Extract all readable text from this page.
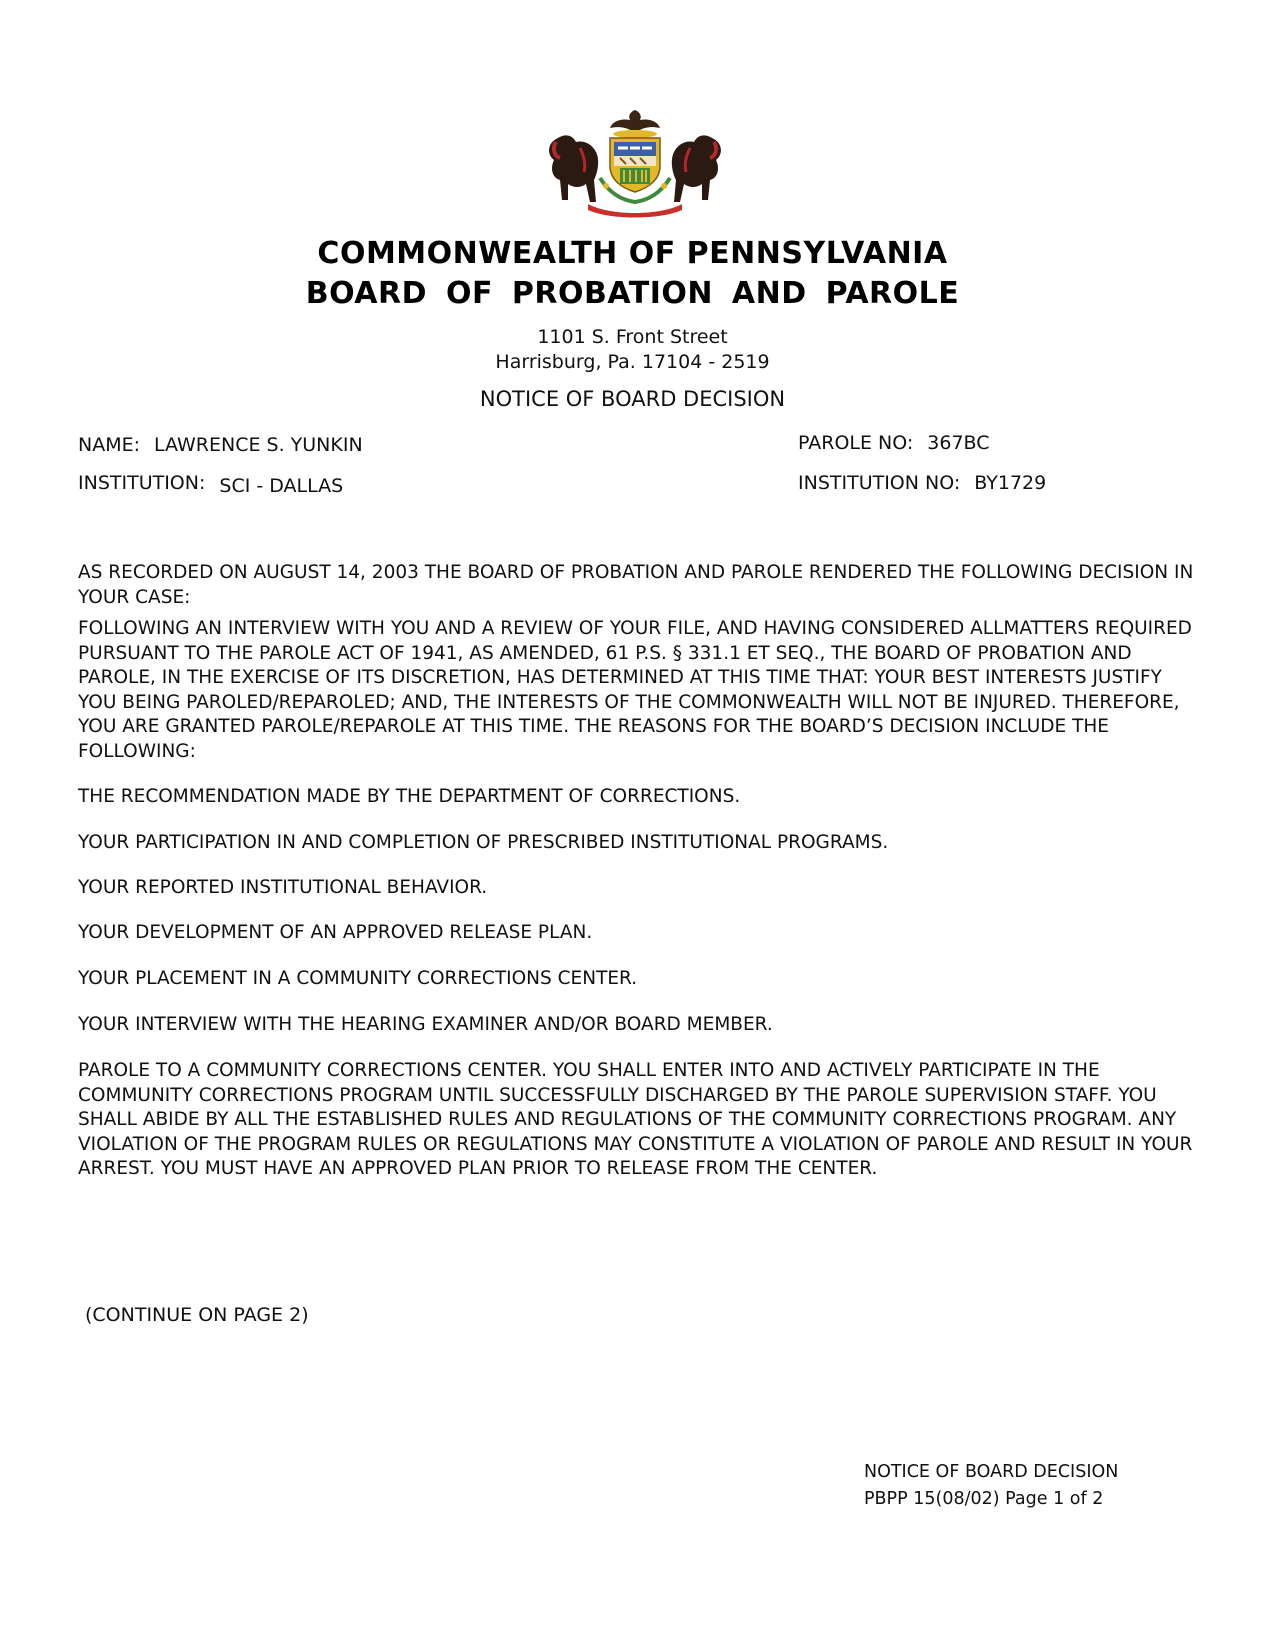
COMMONWEALTH OF PENNSYLVANIA
BOARD OF PROBATION AND PAROLE
1101 S. Front Street
Harrisburg, Pa. 17104 - 2519
NOTICE OF BOARD DECISION
NAME: LAWRENCE S. YUNKIN
INSTITUTION: SCI - DALLAS
PAROLE NO: 367BC
INSTITUTION NO: BY1729

AS RECORDED ON AUGUST 14, 2003 THE BOARD OF PROBATION AND PAROLE RENDERED THE FOLLOWING DECISION IN YOUR CASE:

FOLLOWING AN INTERVIEW WITH YOU AND A REVIEW OF YOUR FILE, AND HAVING CONSIDERED ALLMATTERS REQUIRED PURSUANT TO THE PAROLE ACT OF 1941, AS AMENDED, 61 P.S. § 331.1 ET SEQ., THE BOARD OF PROBATION AND PAROLE, IN THE EXERCISE OF ITS DISCRETION, HAS DETERMINED AT THIS TIME THAT: YOUR BEST INTERESTS JUSTIFY YOU BEING PAROLED/REPAROLED; AND, THE INTERESTS OF THE COMMONWEALTH WILL NOT BE INJURED. THEREFORE, YOU ARE GRANTED PAROLE/REPAROLE AT THIS TIME. THE REASONS FOR THE BOARD’S DECISION INCLUDE THE FOLLOWING:

THE RECOMMENDATION MADE BY THE DEPARTMENT OF CORRECTIONS.
YOUR PARTICIPATION IN AND COMPLETION OF PRESCRIBED INSTITUTIONAL PROGRAMS.
YOUR REPORTED INSTITUTIONAL BEHAVIOR.
YOUR DEVELOPMENT OF AN APPROVED RELEASE PLAN.
YOUR PLACEMENT IN A COMMUNITY CORRECTIONS CENTER.
YOUR INTERVIEW WITH THE HEARING EXAMINER AND/OR BOARD MEMBER.

PAROLE TO A COMMUNITY CORRECTIONS CENTER. YOU SHALL ENTER INTO AND ACTIVELY PARTICIPATE IN THE COMMUNITY CORRECTIONS PROGRAM UNTIL SUCCESSFULLY DISCHARGED BY THE PAROLE SUPERVISION STAFF. YOU SHALL ABIDE BY ALL THE ESTABLISHED RULES AND REGULATIONS OF THE COMMUNITY CORRECTIONS PROGRAM. ANY VIOLATION OF THE PROGRAM RULES OR REGULATIONS MAY CONSTITUTE A VIOLATION OF PAROLE AND RESULT IN YOUR ARREST. YOU MUST HAVE AN APPROVED PLAN PRIOR TO RELEASE FROM THE CENTER.

(CONTINUE ON PAGE 2)
NOTICE OF BOARD DECISION
PBPP 15(08/02) Page 1 of 2
